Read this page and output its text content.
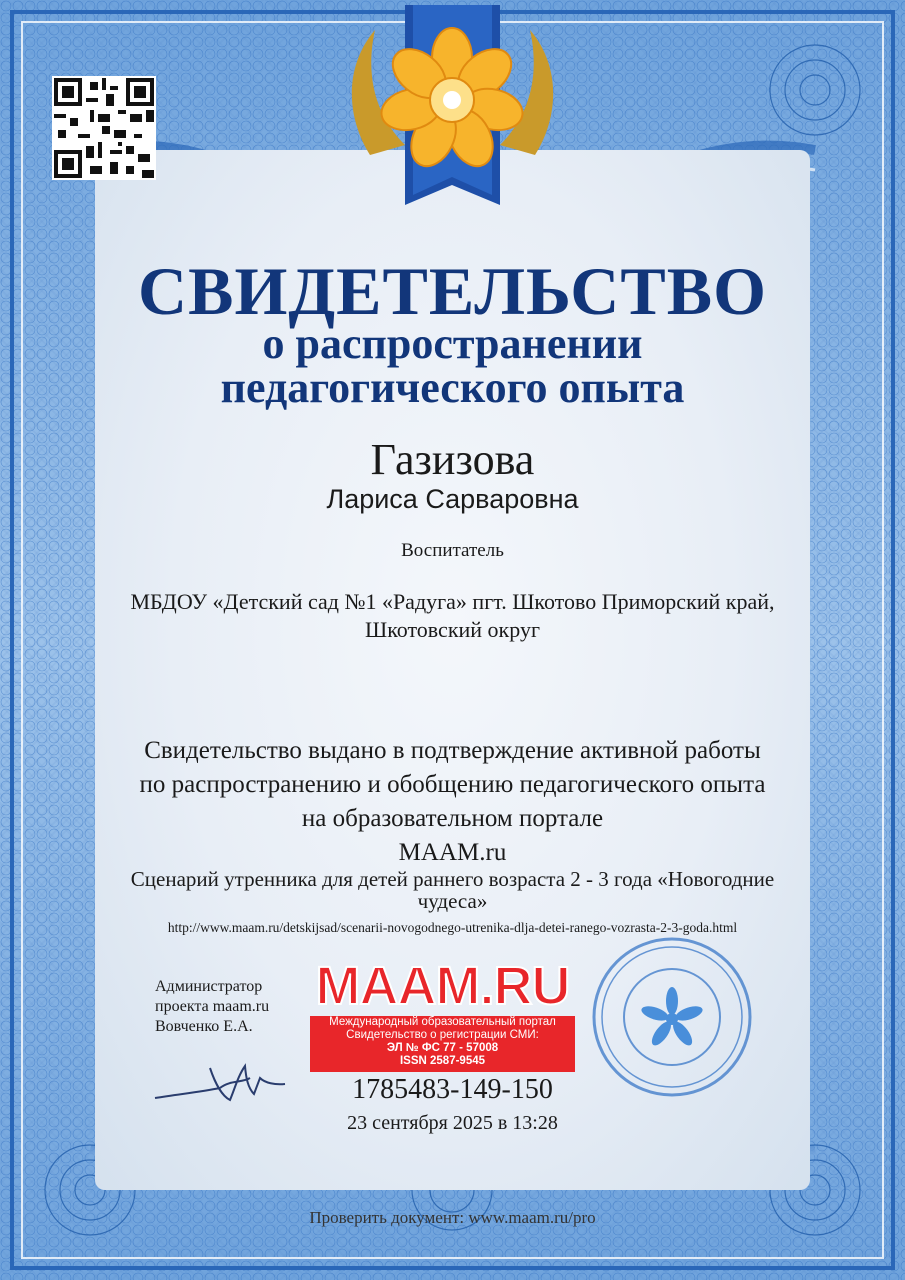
СВИДЕТЕЛЬСТВО
о распространении
педагогического опыта
Газизова
Лариса Сарваровна
Воспитатель
МБДОУ «Детский сад №1 «Радуга» пгт. Шкотово Приморский край, Шкотовский округ
Свидетельство выдано в подтверждение активной работы
по распространению и обобщению педагогического опыта
на образовательном портале
MAAM.ru
Сценарий утренника для детей раннего возраста 2 - 3 года «Новогодние чудеса»
http://www.maam.ru/detskijsad/scenarii-novogodnego-utrenika-dlja-detei-ranego-vozrasta-2-3-goda.html
Администратор
проекта maam.ru
Вовченко Е.А.
MAAM.RU
Международный образовательный портал
Свидетельство о регистрации СМИ:
ЭЛ № ФС 77 - 57008
ISSN 2587-9545
1785483-149-150
23 сентября 2025 в 13:28
Проверить документ: www.maam.ru/pro
